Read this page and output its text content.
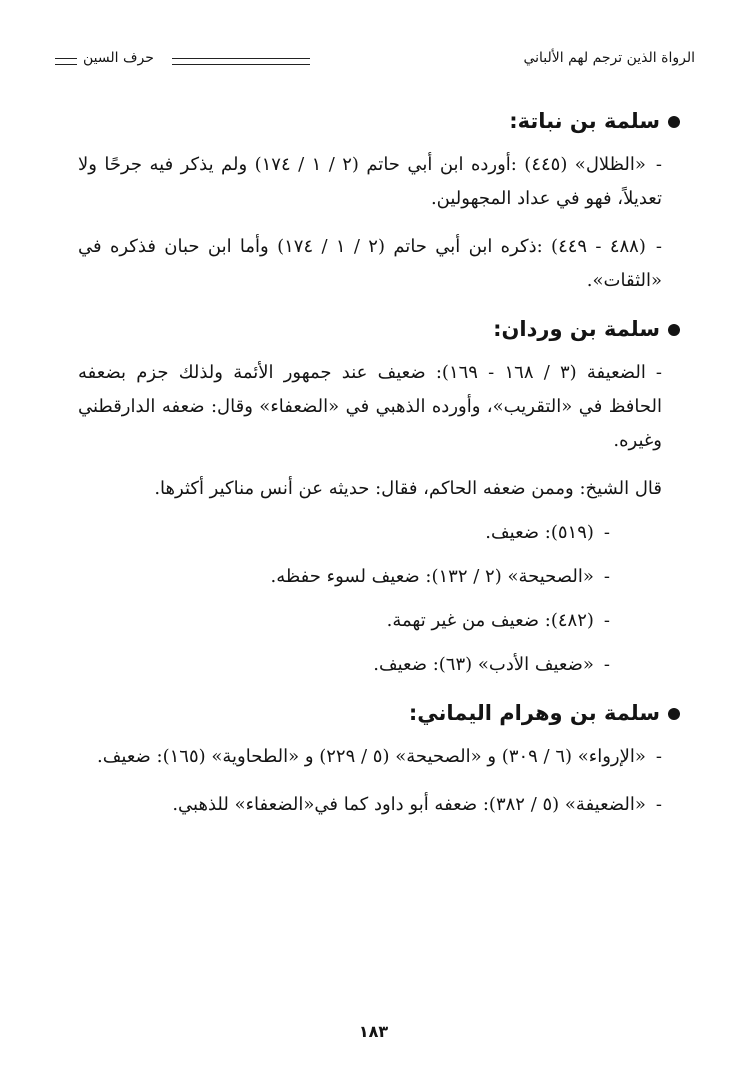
حرف السين	الرواة الذين ترجم لهم الألباني
سلمة بن نباتة:

-«الظلال» (٤٤٥) :أورده ابن أبي حاتم (٢ / ١ / ١٧٤) ولم يذكر فيه جرحًا ولا تعديلاً، فهو في عداد المجهولين.

-(٤٨٨ - ٤٤٩) :ذكره ابن أبي حاتم (٢ / ١ / ١٧٤) وأما ابن حبان فذكره في «الثقات».

سلمة بن وردان:

-الضعيفة (٣ / ١٦٨ - ١٦٩): ضعيف عند جمهور الأئمة ولذلك جزم بضعفه الحافظ في «التقريب»، وأورده الذهبي في «الضعفاء» وقال: ضعفه الدارقطني وغيره.

قال الشيخ: وممن ضعفه الحاكم، فقال: حديثه عن أنس مناكير أكثرها.

-(٥١٩): ضعيف.

-«الصحيحة» (٢ / ١٣٢): ضعيف لسوء حفظه.

-(٤٨٢): ضعيف من غير تهمة.

-«ضعيف الأدب» (٦٣): ضعيف.

سلمة بن وهرام اليماني:

-«الإرواء» (٦ / ٣٠٩) و «الصحيحة» (٥ / ٢٢٩) و «الطحاوية» (١٦٥): ضعيف.

-«الضعيفة» (٥ / ٣٨٢): ضعفه أبو داود كما في«الضعفاء» للذهبي.

١٨٣
